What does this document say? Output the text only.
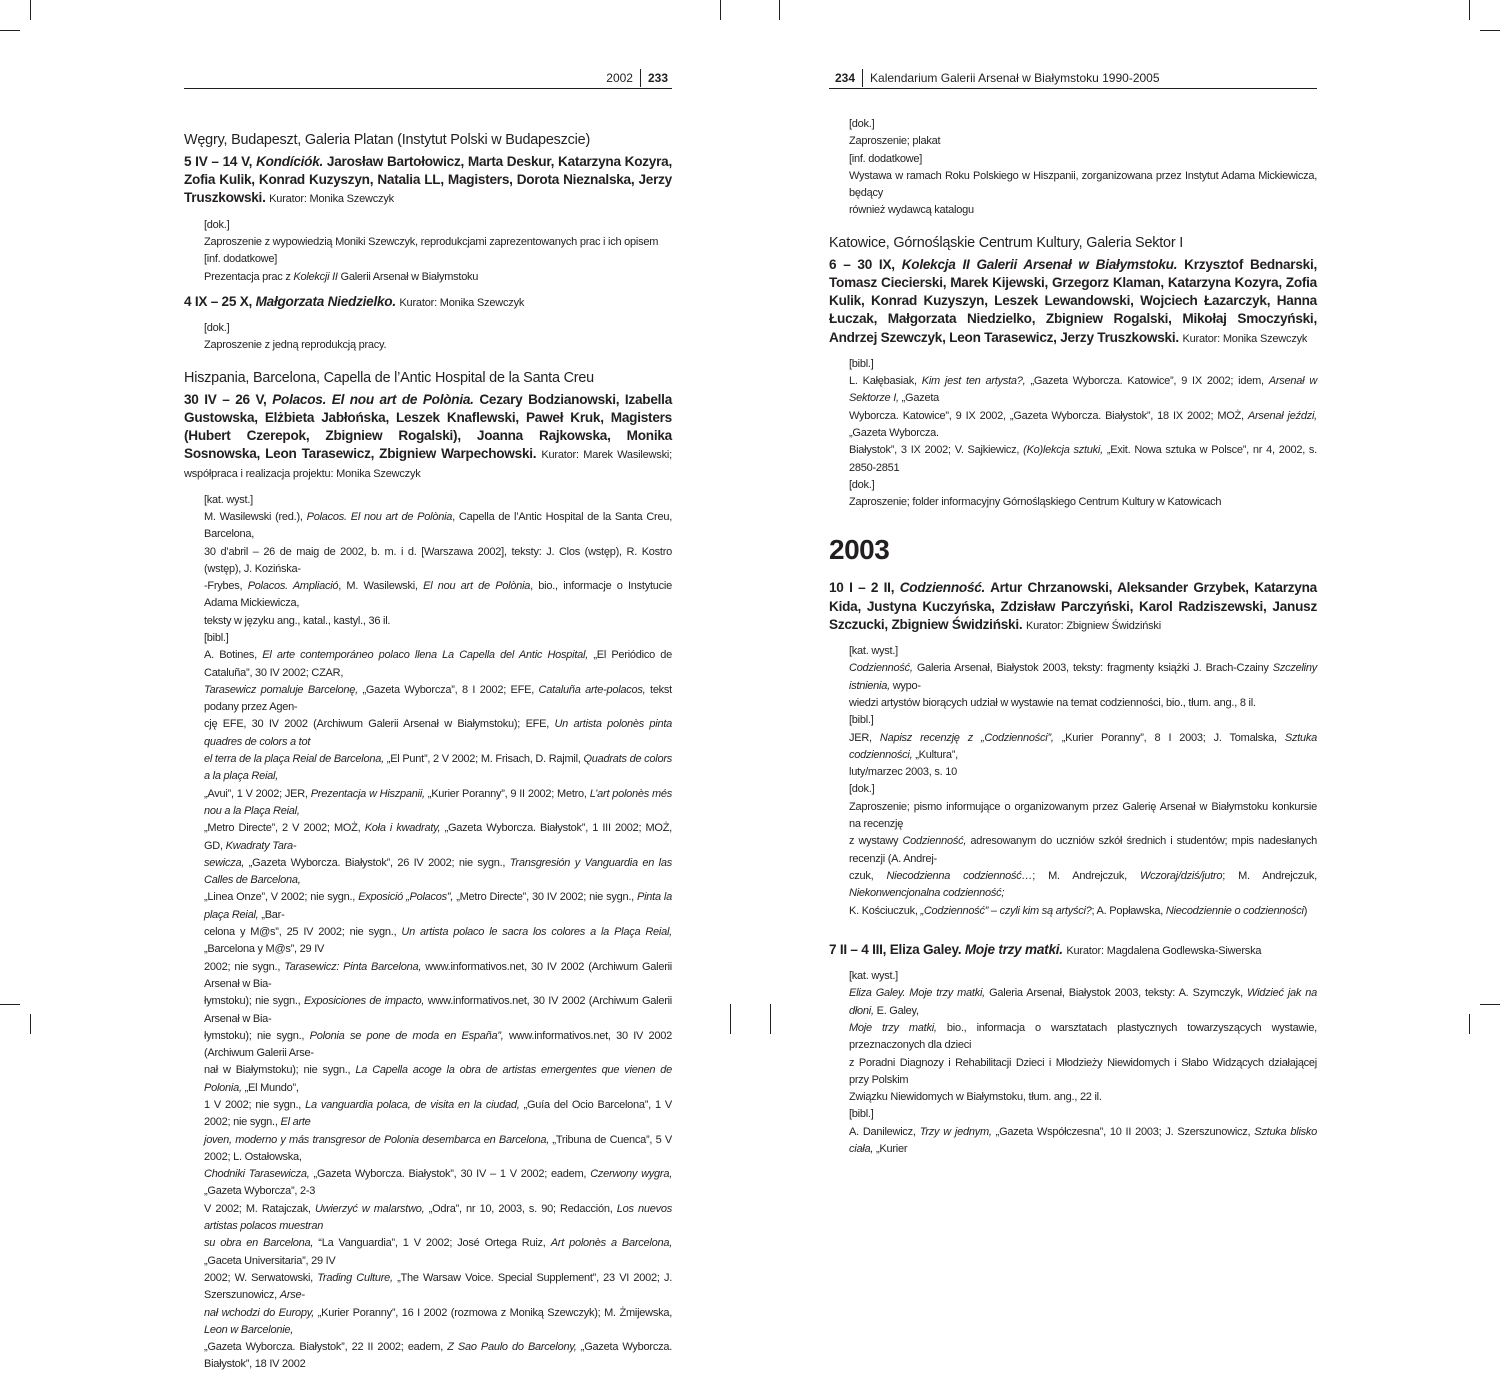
2002	233
Węgry, Budapeszt, Galeria Platan (Instytut Polski w Budapeszcie)
5 IV – 14 V, Kondíciók. Jarosław Bartołowicz, Marta Deskur, Katarzyna Kozyra, Zofia Kulik, Konrad Kuzyszyn, Natalia LL, Magisters, Dorota Nieznalska, Jerzy Truszkowski. Kurator: Monika Szewczyk
[dok.]
Zaproszenie z wypowiedzią Moniki Szewczyk, reprodukcjami zaprezentowanych prac i ich opisem
[inf. dodatkowe]
Prezentacja prac z Kolekcji II Galerii Arsenał w Białymstoku
4 IX – 25 X, Małgorzata Niedzielko. Kurator: Monika Szewczyk
[dok.]
Zaproszenie z jedną reprodukcją pracy.
Hiszpania, Barcelona, Capella de l’Antic Hospital de la Santa Creu
30 IV – 26 V, Polacos. El nou art de Polònia. Cezary Bodzianowski, Izabella Gustowska, Elżbieta Jabłońska, Leszek Knaflewski, Paweł Kruk, Magisters (Hubert Czerepok, Zbigniew Rogalski), Joanna Rajkowska, Monika Sosnowska, Leon Tarasewicz, Zbigniew Warpechowski. Kurator: Marek Wasilewski; współpraca i realizacja projektu: Monika Szewczyk
[kat. wyst.]
M. Wasilewski (red.), Polacos. El nou art de Polònia, Capella de l’Antic Hospital de la Santa Creu, Barcelona,
30 d’abril – 26 de maig de 2002, b. m. i d. [Warszawa 2002], teksty: J. Clos (wstęp), R. Kostro (wstęp), J. Kozińska-
-Frybes, Polacos. Ampliació, M. Wasilewski, El nou art de Polònia, bio., informacje o Instytucie Adama Mickiewicza,
teksty w języku ang., katal., kastyl., 36 il.
[bibl.]
A. Botines, El arte contemporáneo polaco llena La Capella del Antic Hospital, „El Periódico de Cataluña”, 30 IV 2002; CZAR,
Tarasewicz pomaluje Barcelonę, „Gazeta Wyborcza”, 8 I 2002; EFE, Cataluña arte-polacos, tekst podany przez Agen-
cję EFE, 30 IV 2002 (Archiwum Galerii Arsenał w Białymstoku); EFE, Un artista polonès pinta quadres de colors a tot
el terra de la plaça Reial de Barcelona, „El Punt”, 2 V 2002; M. Frisach, D. Rajmil, Quadrats de colors a la plaça Reial,
„Avui”, 1 V 2002; JER, Prezentacja w Hiszpanii, „Kurier Poranny”, 9 II 2002; Metro, L’art polonès més nou a la Plaça Reial,
„Metro Directe”, 2 V 2002; MOŻ, Koła i kwadraty, „Gazeta Wyborcza. Białystok”, 1 III 2002; MOŻ, GD, Kwadraty Tara-
sewicza, „Gazeta Wyborcza. Białystok”, 26 IV 2002; nie sygn., Transgresión y Vanguardia en las Calles de Barcelona,
„Linea Onze”, V 2002; nie sygn., Exposició „Polacos”, „Metro Directe”, 30 IV 2002; nie sygn., Pinta la plaça Reial, „Bar-
celona y M@s”, 25 IV 2002; nie sygn., Un artista polaco le sacra los colores a la Plaça Reial, „Barcelona y M@s”, 29 IV
2002; nie sygn., Tarasewicz: Pinta Barcelona, www.informativos.net, 30 IV 2002 (Archiwum Galerii Arsenał w Bia-
łymstoku); nie sygn., Exposiciones de impacto, www.informativos.net, 30 IV 2002 (Archiwum Galerii Arsenał w Bia-
łymstoku); nie sygn., Polonia se pone de moda en España”, www.informativos.net, 30 IV 2002 (Archiwum Galerii Arse-
nał w Białymstoku); nie sygn., La Capella acoge la obra de artistas emergentes que vienen de Polonia, „El Mundo”,
1 V 2002; nie sygn., La vanguardia polaca, de visita en la ciudad, „Guía del Ocio Barcelona”, 1 V 2002; nie sygn., El arte
joven, moderno y más transgresor de Polonia desembarca en Barcelona, „Tribuna de Cuenca”, 5 V 2002; L. Ostałowska,
Chodniki Tarasewicza, „Gazeta Wyborcza. Białystok”, 30 IV – 1 V 2002; eadem, Czerwony wygra, „Gazeta Wyborcza”, 2-3
V 2002; M. Ratajczak, Uwierzyć w malarstwo, „Odra”, nr 10, 2003, s. 90; Redacción, Los nuevos artistas polacos muestran
su obra en Barcelona, “La Vanguardia”, 1 V 2002; José Ortega Ruiz, Art polonès a Barcelona, „Gaceta Universitaria”, 29 IV
2002; W. Serwatowski, Trading Culture, „The Warsaw Voice. Special Supplement”, 23 VI 2002; J. Szerszunowicz, Arse-
nał wchodzi do Europy, „Kurier Poranny”, 16 I 2002 (rozmowa z Moniką Szewczyk); M. Żmijewska, Leon w Barcelonie,
„Gazeta Wyborcza. Białystok”, 22 II 2002; eadem, Z Sao Paulo do Barcelony, „Gazeta Wyborcza. Białystok”, 18 IV 2002
234	Kalendarium Galerii Arsenał w Białymstoku 1990-2005
[dok.]
Zaproszenie; plakat
[inf. dodatkowe]
Wystawa w ramach Roku Polskiego w Hiszpanii, zorganizowana przez Instytut Adama Mickiewicza, będący
również wydawcą katalogu
Katowice, Górnośląskie Centrum Kultury, Galeria Sektor I
6 – 30 IX, Kolekcja II Galerii Arsenał w Białymstoku. Krzysztof Bednarski, Tomasz Ciecierski, Marek Kijewski, Grzegorz Klaman, Katarzyna Kozyra, Zofia Kulik, Konrad Kuzyszyn, Leszek Lewandowski, Wojciech Łazarczyk, Hanna Łuczak, Małgorzata Niedzielko, Zbigniew Rogalski, Mikołaj Smoczyński, Andrzej Szewczyk, Leon Tarasewicz, Jerzy Truszkowski. Kurator: Monika Szewczyk
[bibl.]
L. Kałębasiak, Kim jest ten artysta?, „Gazeta Wyborcza. Katowice”, 9 IX 2002; idem, Arsenał w Sektorze I, „Gazeta
Wyborcza. Katowice”, 9 IX 2002, „Gazeta Wyborcza. Białystok”, 18 IX 2002; MOŻ, Arsenał jeździ, „Gazeta Wyborcza.
Białystok”, 3 IX 2002; V. Sajkiewicz, (Ko)lekcja sztuki, „Exit. Nowa sztuka w Polsce”, nr 4, 2002, s. 2850-2851
[dok.]
Zaproszenie; folder informacyjny Górnośląskiego Centrum Kultury w Katowicach
2003
10 I – 2 II, Codzienność. Artur Chrzanowski, Aleksander Grzybek, Katarzyna Kida, Justyna Kuczyńska, Zdzisław Parczyński, Karol Radziszewski, Janusz Szczucki, Zbigniew Świdziński. Kurator: Zbigniew Świdziński
[kat. wyst.]
Codzienność, Galeria Arsenał, Białystok 2003, teksty: fragmenty książki J. Brach-Czainy Szczeliny istnienia, wypo-
wiedzi artystów biorących udział w wystawie na temat codzienności, bio., tłum. ang., 8 il.
[bibl.]
JER, Napisz recenzję z „Codzienności”, „Kurier Poranny”, 8 I 2003; J. Tomalska, Sztuka codzienności, „Kultura”,
luty/marzec 2003, s. 10
[dok.]
Zaproszenie; pismo informujące o organizowanym przez Galerię Arsenał w Białymstoku konkursie na recenzję
z wystawy Codzienność, adresowanym do uczniów szkół średnich i studentów; mpis nadesłanych recenzji (A. Andrej-
czuk, Niecodzienna codzienność…; M. Andrejczuk, Wczoraj/dziś/jutro; M. Andrejczuk, Niekonwencjonalna codzienność;
K. Kościuczuk, „Codzienność” – czyli kim są artyści?; A. Popławska, Niecodziennie o codzienności)
7 II – 4 III, Eliza Galey. Moje trzy matki. Kurator: Magdalena Godlewska-Siwerska
[kat. wyst.]
Eliza Galey. Moje trzy matki, Galeria Arsenał, Białystok 2003, teksty: A. Szymczyk, Widzieć jak na dłoni, E. Galey,
Moje trzy matki, bio., informacja o warsztatach plastycznych towarzyszących wystawie, przeznaczonych dla dzieci
z Poradni Diagnozy i Rehabilitacji Dzieci i Młodzieży Niewidomych i Słabo Widzących działającej przy Polskim
Związku Niewidomych w Białymstoku, tłum. ang., 22 il.
[bibl.]
A. Danilewicz, Trzy w jednym, „Gazeta Współczesna”, 10 II 2003; J. Szerszunowicz, Sztuka blisko ciała, „Kurier
